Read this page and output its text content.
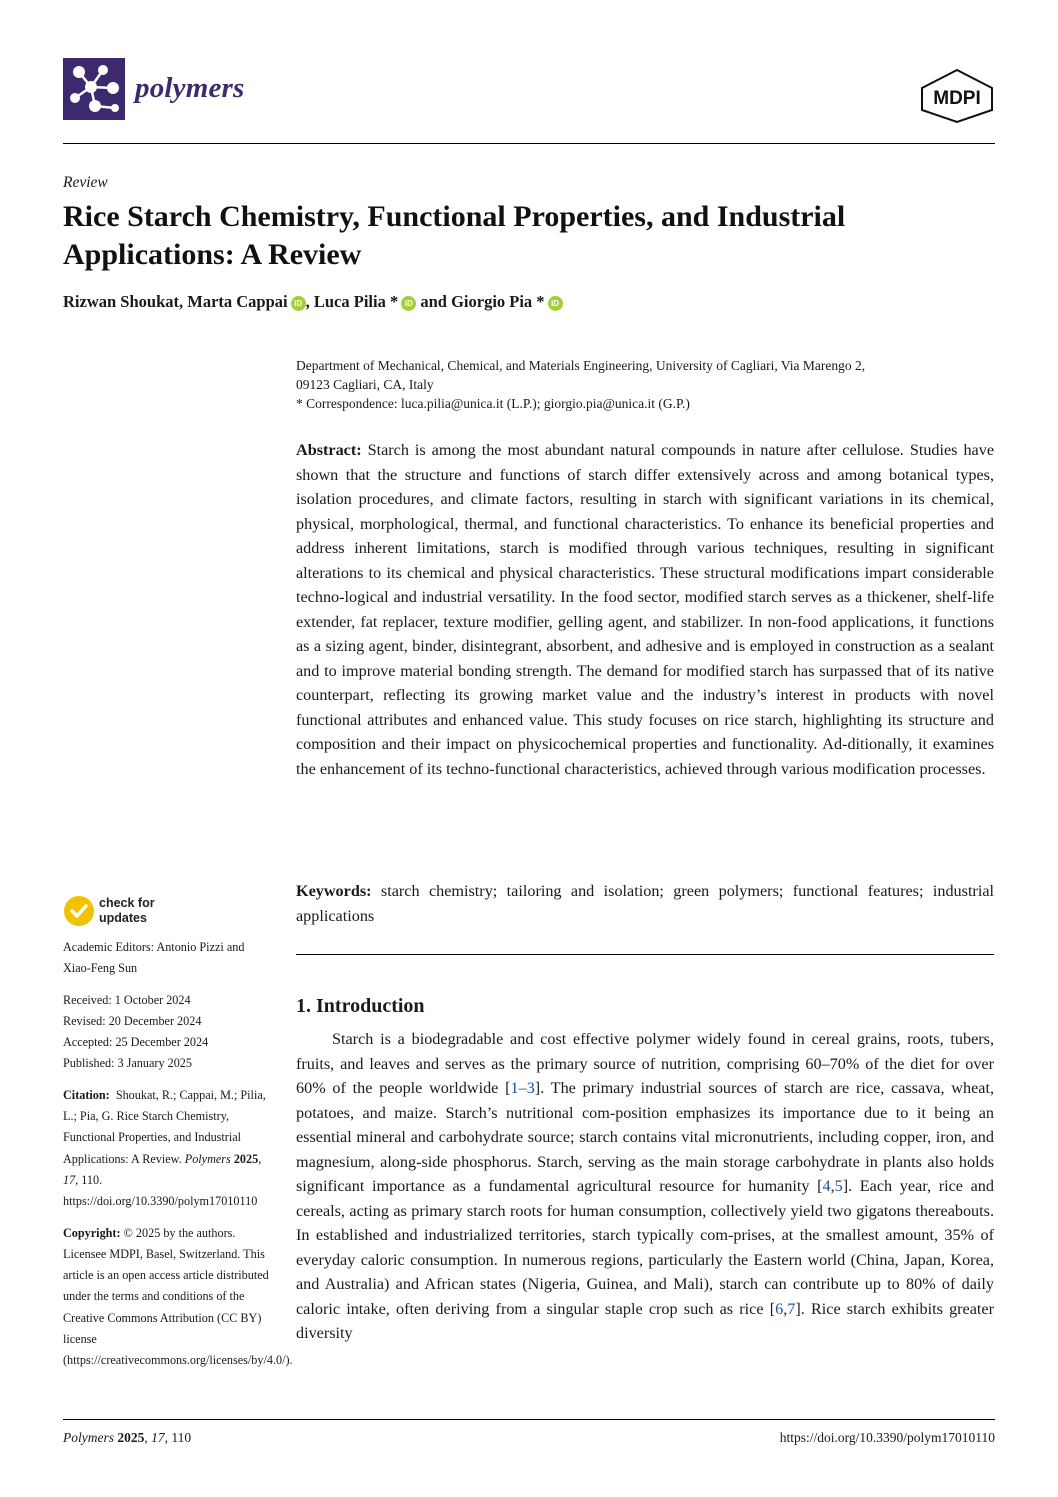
polymers	MDPI
Review
Rice Starch Chemistry, Functional Properties, and Industrial Applications: A Review
Rizwan Shoukat, Marta Cappai iD , Luca Pilia * iD and Giorgio Pia * iD
Department of Mechanical, Chemical, and Materials Engineering, University of Cagliari, Via Marengo 2,
09123 Cagliari, CA, Italy
* Correspondence: luca.pilia@unica.it (L.P.); giorgio.pia@unica.it (G.P.)
Abstract: Starch is among the most abundant natural compounds in nature after cellulose. Studies have shown that the structure and functions of starch differ extensively across and among botanical types, isolation procedures, and climate factors, resulting in starch with significant variations in its chemical, physical, morphological, thermal, and functional characteristics. To enhance its beneficial properties and address inherent limitations, starch is modified through various techniques, resulting in significant alterations to its chemical and physical characteristics. These structural modifications impart considerable techno-logical and industrial versatility. In the food sector, modified starch serves as a thickener, shelf-life extender, fat replacer, texture modifier, gelling agent, and stabilizer. In non-food applications, it functions as a sizing agent, binder, disintegrant, absorbent, and adhesive and is employed in construction as a sealant and to improve material bonding strength. The demand for modified starch has surpassed that of its native counterpart, reflecting its growing market value and the industry’s interest in products with novel functional attributes and enhanced value. This study focuses on rice starch, highlighting its structure and composition and their impact on physicochemical properties and functionality. Ad-ditionally, it examines the enhancement of its techno-functional characteristics, achieved through various modification processes.
Keywords: starch chemistry; tailoring and isolation; green polymers; functional features; industrial applications
1. Introduction

Starch is a biodegradable and cost effective polymer widely found in cereal grains, roots, tubers, fruits, and leaves and serves as the primary source of nutrition, comprising 60–70% of the diet for over 60% of the people worldwide [1–3]. The primary industrial sources of starch are rice, cassava, wheat, potatoes, and maize. Starch’s nutritional com-position emphasizes its importance due to it being an essential mineral and carbohydrate source; starch contains vital micronutrients, including copper, iron, and magnesium, along-side phosphorus. Starch, serving as the main storage carbohydrate in plants also holds significant importance as a fundamental agricultural resource for humanity [4,5]. Each year, rice and cereals, acting as primary starch roots for human consumption, collectively yield two gigatons thereabouts. In established and industrialized territories, starch typically com-prises, at the smallest amount, 35% of everyday caloric consumption. In numerous regions, particularly the Eastern world (China, Japan, Korea, and Australia) and African states (Nigeria, Guinea, and Mali), starch can contribute up to 80% of daily caloric intake, often deriving from a singular staple crop such as rice [6,7]. Rice starch exhibits greater diversity

check for
updates
Academic Editors: Antonio Pizzi and Xiao-Feng Sun

Received: 1 October 2024

Revised: 20 December 2024

Accepted: 25 December 2024

Published: 3 January 2025

Citation: Shoukat, R.; Cappai, M.; Pilia, L.; Pia, G. Rice Starch Chemistry, Functional Properties, and Industrial Applications: A Review. Polymers 2025, 17, 110. https://doi.org/10.3390/polym17010110
Copyright: © 2025 by the authors. Licensee MDPI, Basel, Switzerland. This article is an open access article distributed under the terms and conditions of the Creative Commons Attribution (CC BY) license (https://creativecommons.org/licenses/by/4.0/).
Polymers 2025, 17, 110	https://doi.org/10.3390/polym17010110
